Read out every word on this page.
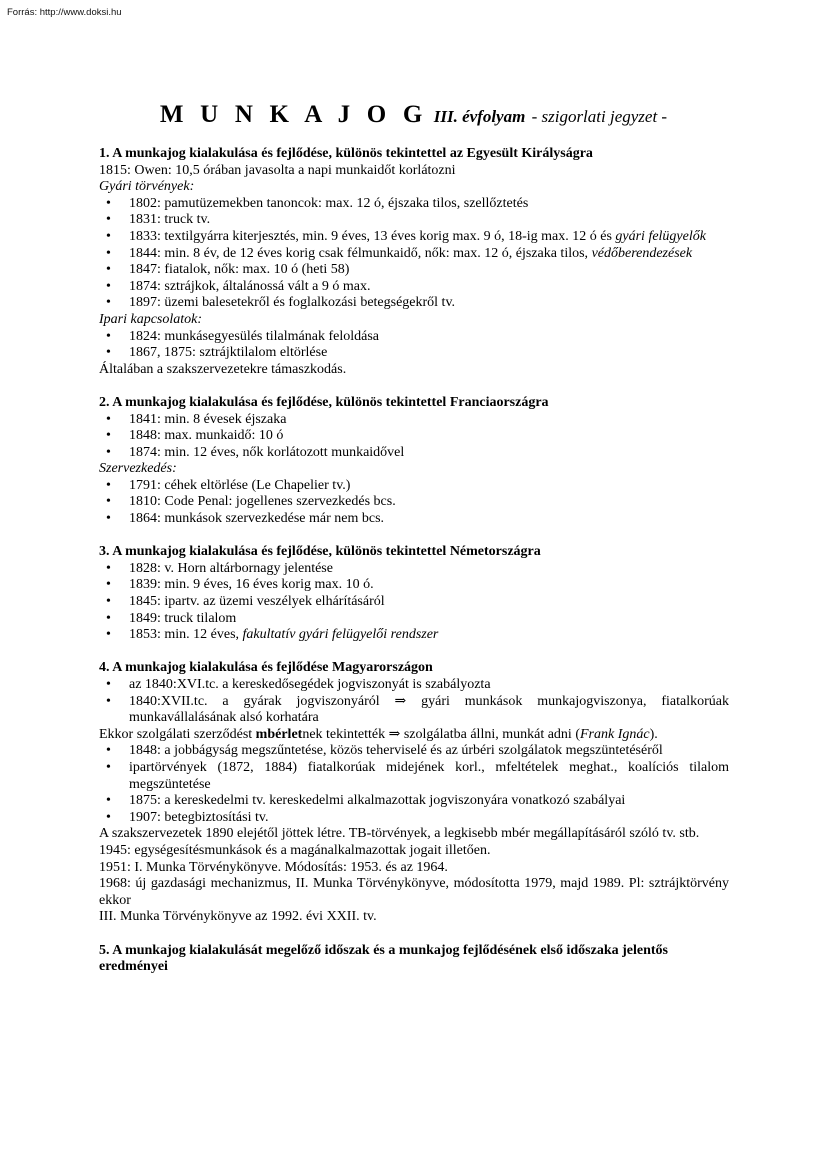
Forrás: http://www.doksi.hu
M U N K A J O G III. évfolyam - szigorlati jegyzet -

1. A munkajog kialakulása és fejlődése, különös tekintettel az Egyesült Királyságra

1815: Owen: 10,5 órában javasolta a napi munkaidőt korlátozni

Gyári törvények:

• 1802: pamutüzemekben tanoncok: max. 12 ó, éjszaka tilos, szellőztetés
• 1831: truck tv.
• 1833: textilgyárra kiterjesztés, min. 9 éves, 13 éves korig max. 9 ó, 18-ig max. 12 ó és gyári felügyelők
• 1844: min. 8 év, de 12 éves korig csak félmunkaidő, nők: max. 12 ó, éjszaka tilos, védőberendezések
• 1847: fiatalok, nők: max. 10 ó (heti 58)
• 1874: sztrájkok, általánossá vált a 9 ó max.
• 1897: üzemi balesetekről és foglalkozási betegségekről tv.

Ipari kapcsolatok:

• 1824: munkásegyesülés tilalmának feloldása
• 1867, 1875: sztrájktilalom eltörlése

Általában a szakszervezetekre támaszkodás.

2. A munkajog kialakulása és fejlődése, különös tekintettel Franciaországra

• 1841: min. 8 évesek éjszaka
• 1848: max. munkaidő: 10 ó
• 1874: min. 12 éves, nők korlátozott munkaidővel

Szervezkedés:

• 1791: céhek eltörlése (Le Chapelier tv.)
• 1810: Code Penal: jogellenes szervezkedés bcs.
• 1864: munkások szervezkedése már nem bcs.

3. A munkajog kialakulása és fejlődése, különös tekintettel Németországra

• 1828: v. Horn altárbornagy jelentése
• 1839: min. 9 éves, 16 éves korig max. 10 ó.
• 1845: ipartv. az üzemi veszélyek elhárításáról
• 1849: truck tilalom
• 1853: min. 12 éves, fakultatív gyári felügyelői rendszer

4. A munkajog kialakulása és fejlődése Magyarországon

• az 1840:XVI.tc. a kereskedősegédek jogviszonyát is szabályozta
• 1840:XVII.tc. a gyárak jogviszonyáról ⇒ gyári munkások munkajogviszonya, fiatalkorúak munkavállalásának alsó korhatára

Ekkor szolgálati szerződést mbérletnek tekintették ⇒ szolgálatba állni, munkát adni (Frank Ignác).

• 1848: a jobbágyság megszűntetése, közös teherviselé és az úrbéri szolgálatok megszüntetéséről
• ipartörvények (1872, 1884) fiatalkorúak midejének korl., mfeltételek meghat., koalíciós tilalom megszüntetése
• 1875: a kereskedelmi tv. kereskedelmi alkalmazottak jogviszonyára vonatkozó szabályai
• 1907: betegbiztosítási tv.

A szakszervezetek 1890 elejétől jöttek létre. TB-törvények, a legkisebb mbér megállapításáról szóló tv. stb.

1945: egységesítésmunkások és a magánalkalmazottak jogait illetően.

1951: I. Munka Törvénykönyve. Módosítás: 1953. és az 1964.

1968: új gazdasági mechanizmus, II. Munka Törvénykönyve, módosította 1979, majd 1989. Pl: sztrájktörvény ekkor

III. Munka Törvénykönyve az 1992. évi XXII. tv.

5. A munkajog kialakulását megelőző időszak és a munkajog fejlődésének első időszaka jelentős eredményei
